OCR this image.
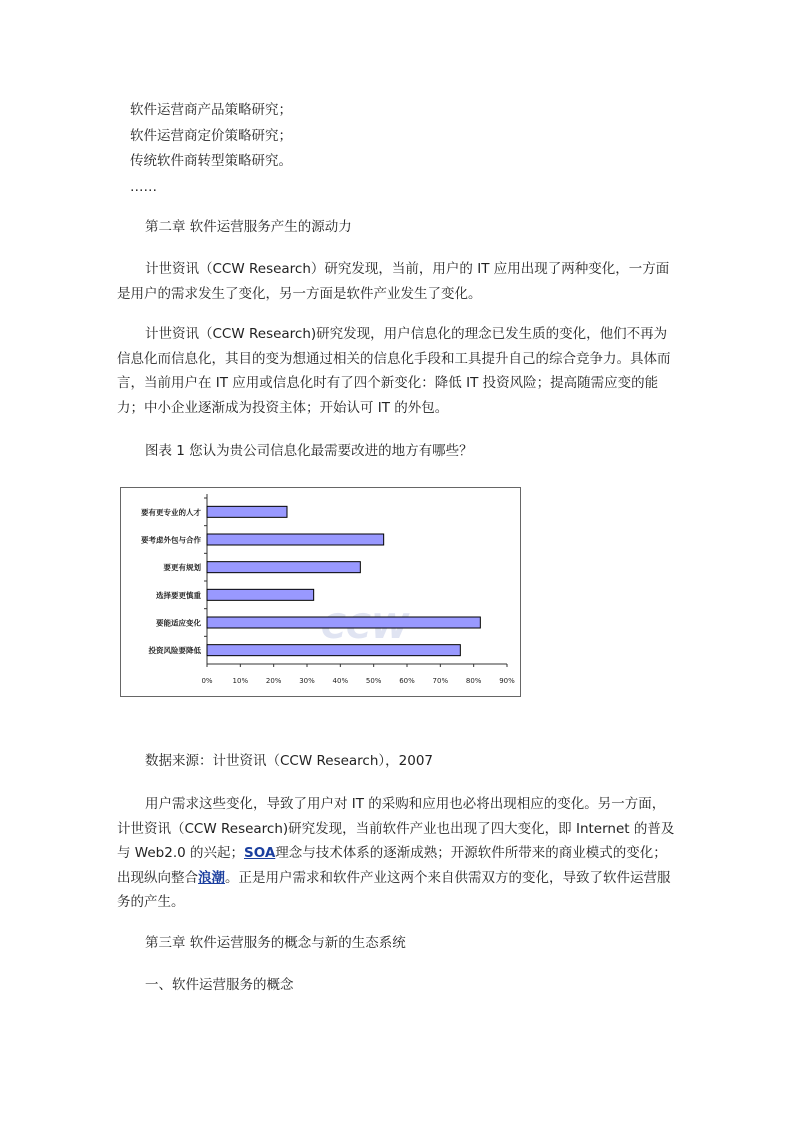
软件运营商产品策略研究；
软件运营商定价策略研究；
传统软件商转型策略研究。
……
第二章 软件运营服务产生的源动力
计世资讯（CCW Research）研究发现，当前，用户的 IT 应用出现了两种变化，一方面是用户的需求发生了变化，另一方面是软件产业发生了变化。
计世资讯（CCW Research)研究发现，用户信息化的理念已发生质的变化，他们不再为信息化而信息化，其目的变为想通过相关的信息化手段和工具提升自己的综合竞争力。具体而言，当前用户在 IT 应用或信息化时有了四个新变化：降低 IT 投资风险；提高随需应变的能力；中小企业逐渐成为投资主体；开始认可 IT 的外包。
图表 1 您认为贵公司信息化最需要改进的地方有哪些？
要有更专业的人才
要考虑外包与合作
要更有规划
选择要更慎重
要能适应变化
投资风险要降低
0%	10%	20%	30%	40%	50%	60%	70%	80%	90%
数据来源：计世资讯（CCW Research），2007
用户需求这些变化，导致了用户对 IT 的采购和应用也必将出现相应的变化。另一方面，计世资讯（CCW Research)研究发现，当前软件产业也出现了四大变化，即 Internet 的普及与 Web2.0 的兴起；SOA理念与技术体系的逐渐成熟；开源软件所带来的商业模式的变化；出现纵向整合浪潮。正是用户需求和软件产业这两个来自供需双方的变化，导致了软件运营服务的产生。
第三章 软件运营服务的概念与新的生态系统
一、软件运营服务的概念
